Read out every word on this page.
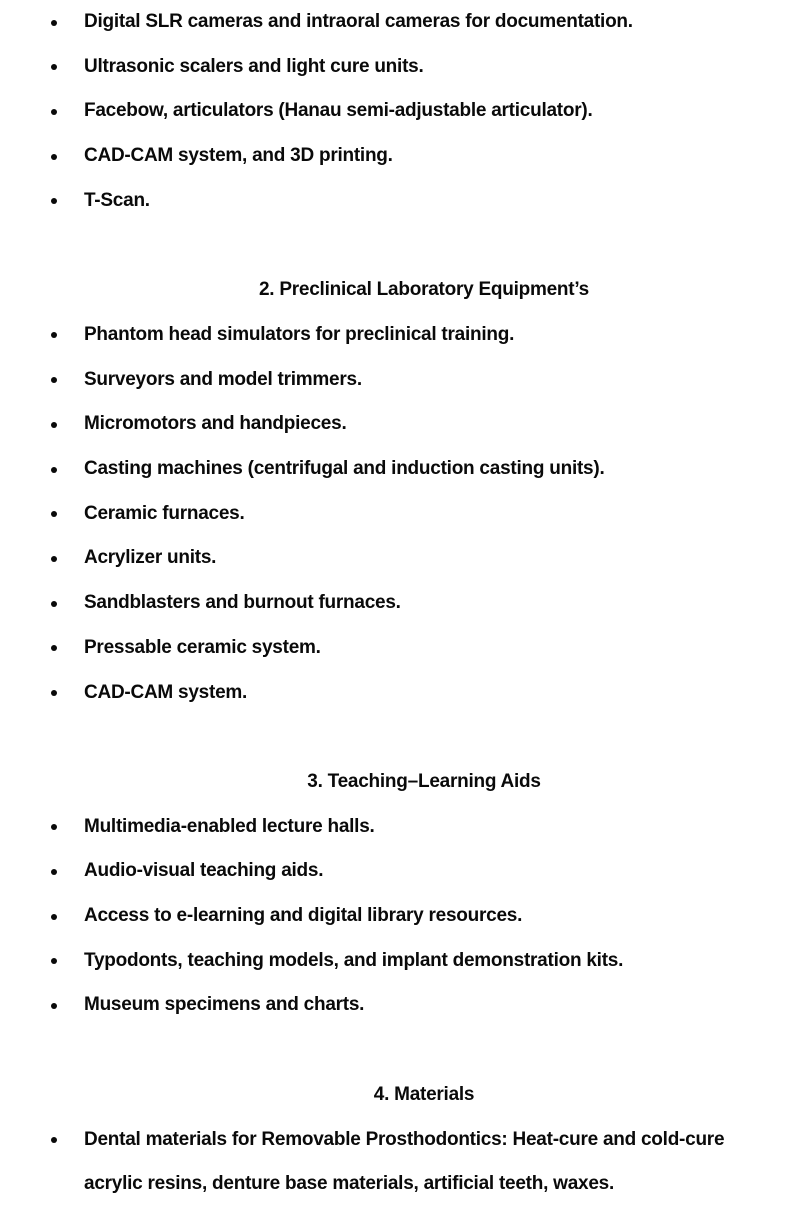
Digital SLR cameras and intraoral cameras for documentation.
Ultrasonic scalers and light cure units.
Facebow, articulators (Hanau semi-adjustable articulator).
CAD-CAM system, and 3D printing.
T-Scan.
2. Preclinical Laboratory Equipment’s
Phantom head simulators for preclinical training.
Surveyors and model trimmers.
Micromotors and handpieces.
Casting machines (centrifugal and induction casting units).
Ceramic furnaces.
Acrylizer units.
Sandblasters and burnout furnaces.
Pressable ceramic system.
CAD-CAM system.
3. Teaching–Learning Aids
Multimedia-enabled lecture halls.
Audio-visual teaching aids.
Access to e-learning and digital library resources.
Typodonts, teaching models, and implant demonstration kits.
Museum specimens and charts.
4. Materials
Dental materials for Removable Prosthodontics: Heat-cure and cold-cure acrylic resins, denture base materials, artificial teeth, waxes.
